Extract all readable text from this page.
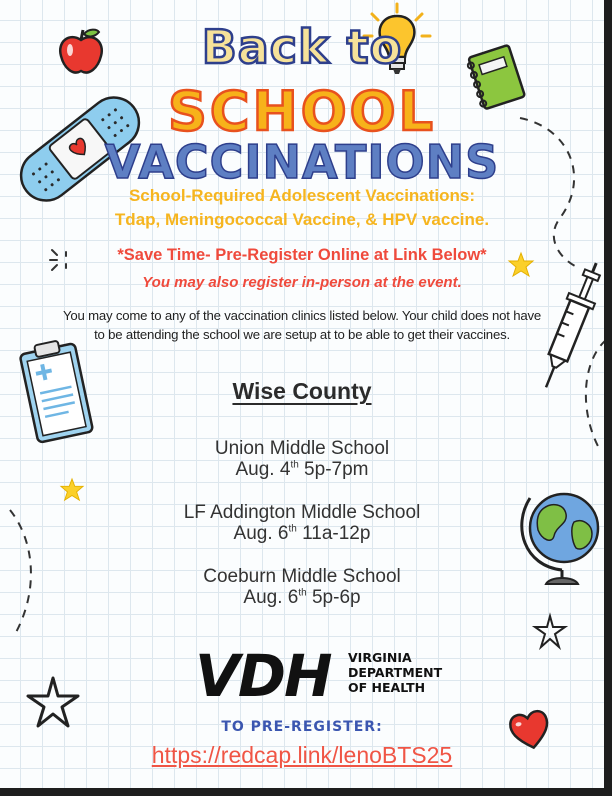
Back to
SCHOOL
VACCINATIONS
School-Required Adolescent Vaccinations:
Tdap, Meningococcal Vaccine, & HPV vaccine.
*Save Time- Pre-Register Online at Link Below*
You may also register in-person at the event.
You may come to any of the vaccination clinics listed below. Your child does not have to be attending the school we are setup at to be able to get their vaccines.
Wise County
Union Middle School
Aug. 4th 5p-7pm
LF Addington Middle School
Aug. 6th 11a-12p
Coeburn Middle School
Aug. 6th 5p-6p
VDH VIRGINIA
DEPARTMENT
OF HEALTH
TO PRE-REGISTER:
https://redcap.link/lenoBTS25
